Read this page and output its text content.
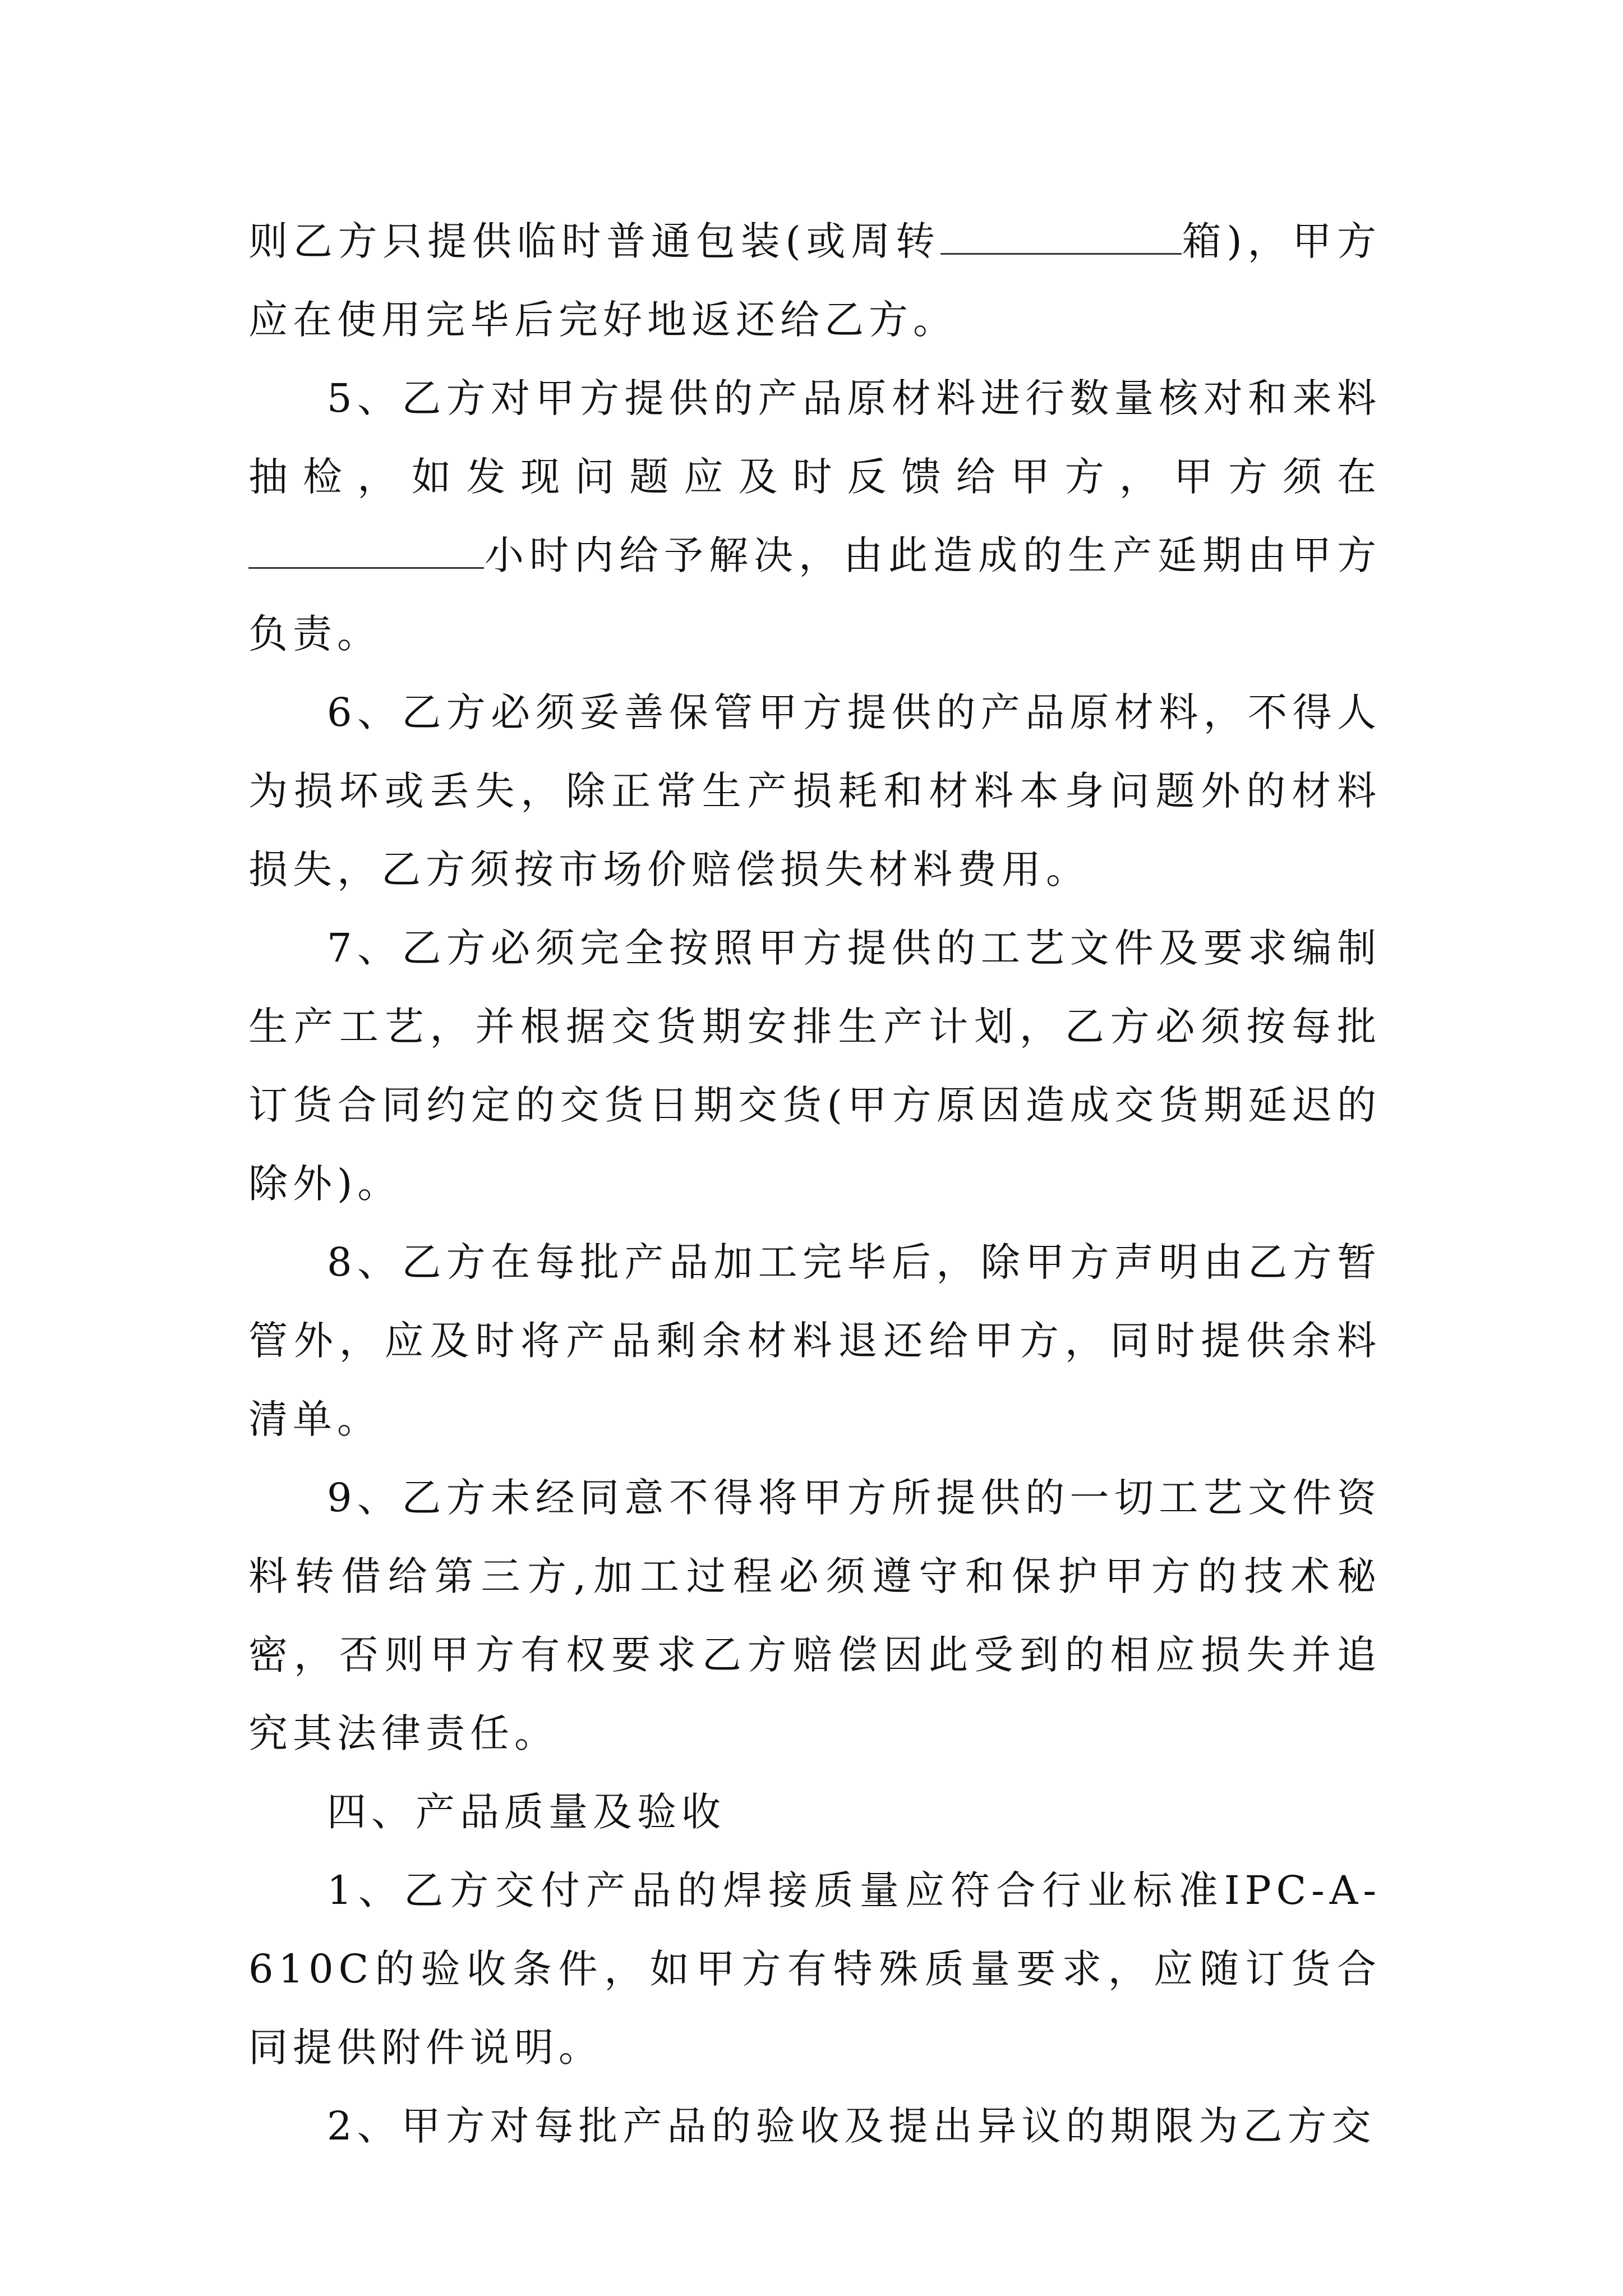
则乙方只提供临时普通包装(或周转	箱)，甲方应在使用完毕后完好地返还给乙方。

5、乙方对甲方提供的产品原材料进行数量核对和来料抽检，如发现问题应及时反馈给甲方，甲方须在小时内给予解决，由此造成的生产延期由甲方负责。

6、乙方必须妥善保管甲方提供的产品原材料，不得人为损坏或丢失，除正常生产损耗和材料本身问题外的材料损失，乙方须按市场价赔偿损失材料费用。

7、乙方必须完全按照甲方提供的工艺文件及要求编制生产工艺，并根据交货期安排生产计划，乙方必须按每批订货合同约定的交货日期交货(甲方原因造成交货期延迟的除外)。

8、乙方在每批产品加工完毕后，除甲方声明由乙方暂管外，应及时将产品剩余材料退还给甲方，同时提供余料清单。

9、乙方未经同意不得将甲方所提供的一切工艺文件资料转借给第三方,加工过程必须遵守和保护甲方的技术秘密，否则甲方有权要求乙方赔偿因此受到的相应损失并追究其法律责任。

四、产品质量及验收

1、乙方交付产品的焊接质量应符合行业标准IPC-A-610C的验收条件，如甲方有特殊质量要求，应随订货合同提供附件说明。

2、甲方对每批产品的验收及提出异议的期限为乙方交
